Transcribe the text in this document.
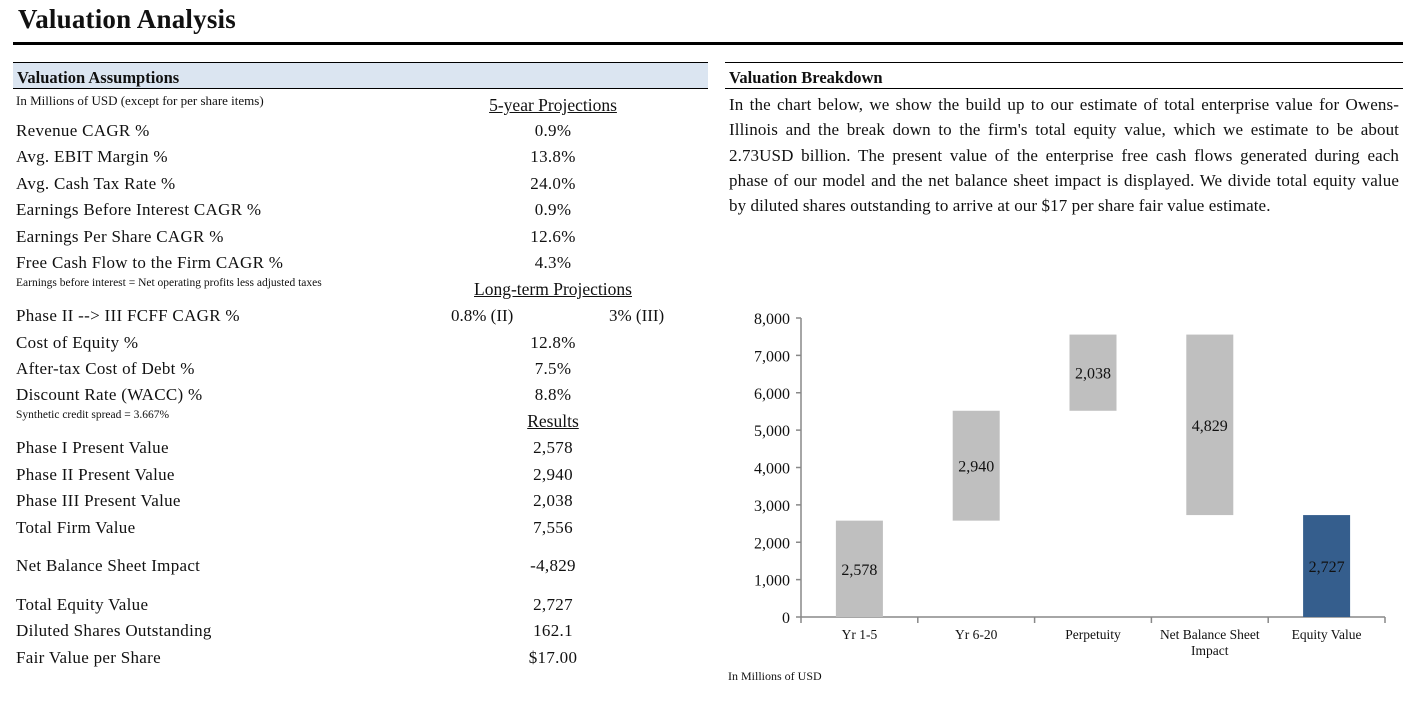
Valuation Analysis
Valuation Assumptions
In Millions of USD (except for per share items)	5-year Projections
Revenue CAGR %	0.9%
Avg. EBIT Margin %	13.8%
Avg. Cash Tax Rate %	24.0%
Earnings Before Interest CAGR %	0.9%
Earnings Per Share CAGR %	12.6%
Free Cash Flow to the Firm CAGR %	4.3%
Earnings before interest = Net operating profits less adjusted taxes	Long-term Projections
Phase II --> III FCFF CAGR %	0.8% (II)	3% (III)
Cost of Equity %	12.8%
After-tax Cost of Debt %	7.5%
Discount Rate (WACC) %	8.8%
Synthetic credit spread = 3.667%	Results
Phase I Present Value	2,578
Phase II Present Value	2,940
Phase III Present Value	2,038
Total Firm Value	7,556
Net Balance Sheet Impact	-4,829
Total Equity Value	2,727
Diluted Shares Outstanding	162.1
Fair Value per Share	$17.00
Valuation Breakdown
In the chart below, we show the build up to our estimate of total enterprise value for Owens-Illinois and the break down to the firm's total equity value, which we estimate to be about 2.73USD billion. The present value of the enterprise free cash flows generated during each phase of our model and the net balance sheet impact is displayed. We divide total equity value by diluted shares outstanding to arrive at our $17 per share fair value estimate.
0
1,000
2,000
3,000
4,000
5,000
6,000
7,000
8,000
2,578
2,940
2,038
4,829
2,727
Yr 1-5	Yr 6-20	Perpetuity	Net Balance Sheet
Impact
Equity Value
In Millions of USD
